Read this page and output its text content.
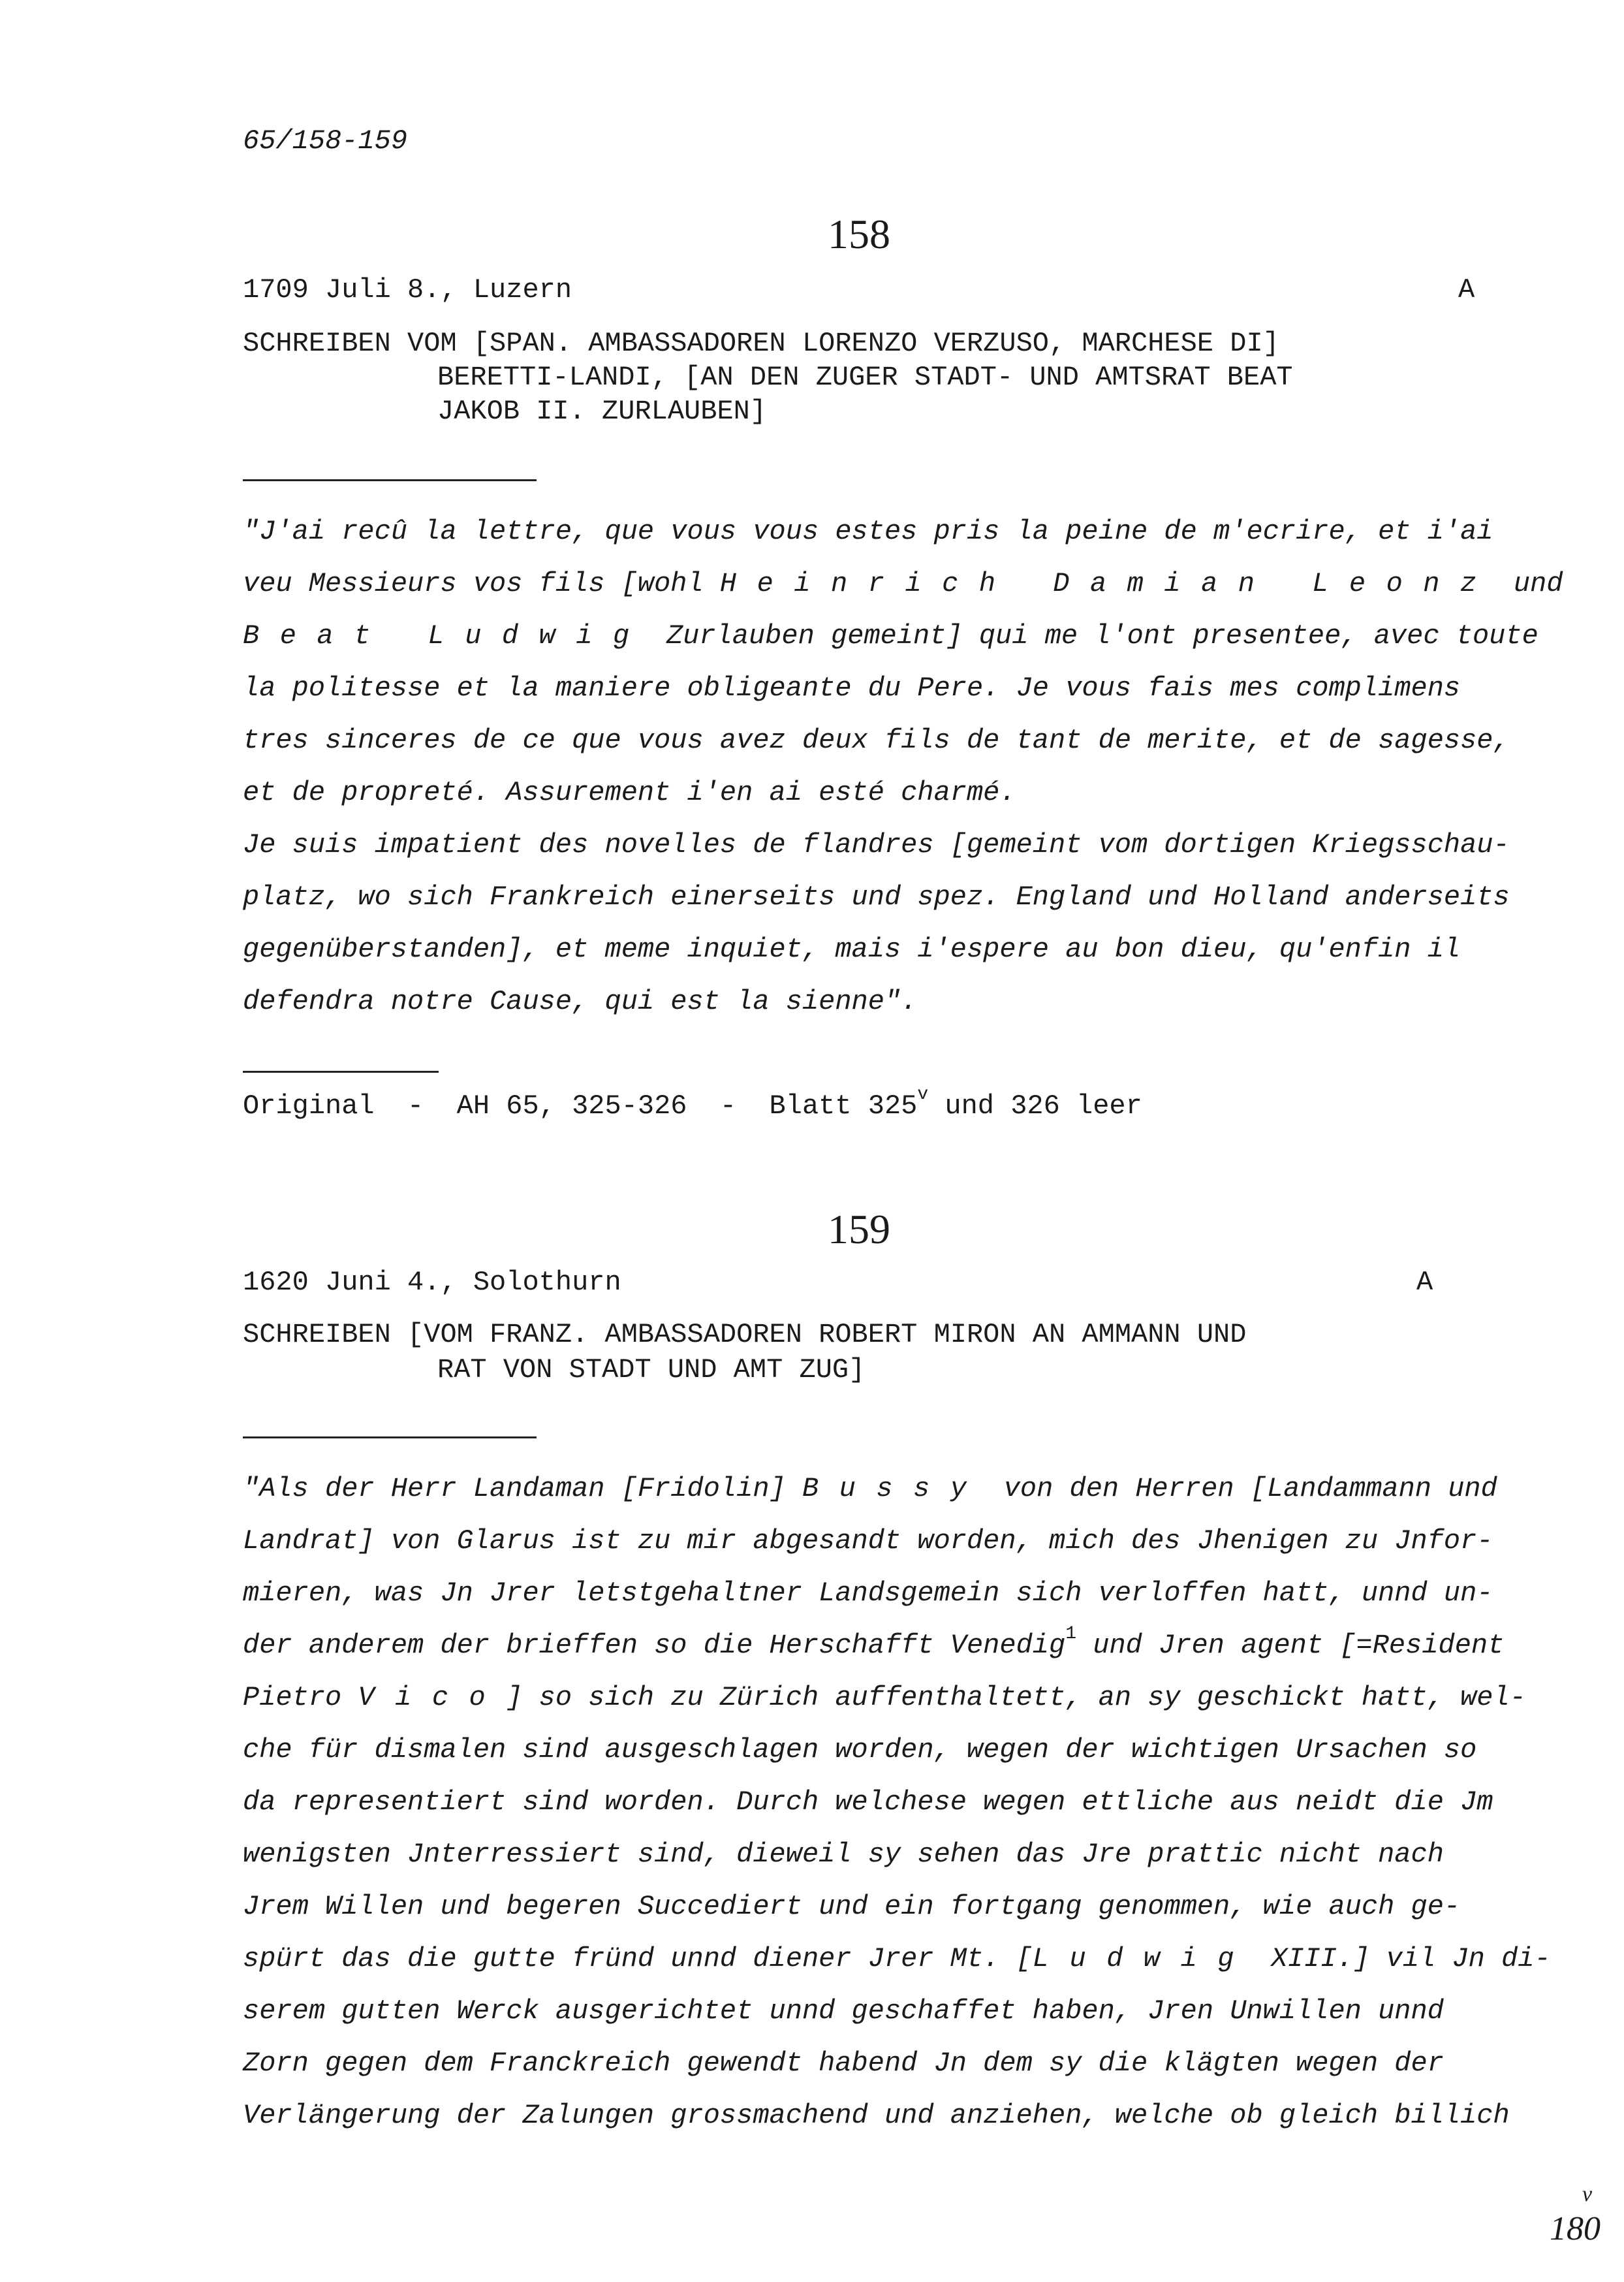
65/158-159
158
1709 Juli 8., Luzern	A
SCHREIBEN VOM [SPAN. AMBASSADOREN LORENZO VERZUSO, MARCHESE DI]
BERETTI-LANDI, [AN DEN ZUGER STADT- UND AMTSRAT BEAT
JAKOB II. ZURLAUBEN]
"J'ai recû la lettre, que vous vous estes pris la peine de m'ecrire, et i'ai
veu Messieurs vos fils [wohl Heinrich Damian Leonz und
Beat Ludwig Zurlauben gemeint] qui me l'ont presentee, avec toute
la politesse et la maniere obligeante du Pere. Je vous fais mes complimens
tres sinceres de ce que vous avez deux fils de tant de merite, et de sagesse,
et de propreté. Assurement i'en ai esté charmé.
Je suis impatient des novelles de flandres [gemeint vom dortigen Kriegsschau-
platz, wo sich Frankreich einerseits und spez. England und Holland anderseits
gegenüberstanden], et meme inquiet, mais i'espere au bon dieu, qu'enfin il
defendra notre Cause, qui est la sienne".
Original  -  AH 65, 325-326  -  Blatt 325$^v$ und 326 leer
159
1620 Juni 4., Solothurn	A
SCHREIBEN [VOM FRANZ. AMBASSADOREN ROBERT MIRON AN AMMANN UND
RAT VON STADT UND AMT ZUG]
"Als der Herr Landaman [Fridolin] Bussy von den Herren [Landammann und
Landrat] von Glarus ist zu mir abgesandt worden, mich des Jhenigen zu Jnfor-
mieren, was Jn Jrer letstgehaltner Landsgemein sich verloffen hatt, unnd un-
der anderem der brieffen so die Herschafft Venedig$^1$ und Jren agent [=Resident
Pietro Vico] so sich zu Zürich auffenthaltett, an sy geschickt hatt, wel-
che für dismalen sind ausgeschlagen worden, wegen der wichtigen Ursachen so
da representiert sind worden. Durch welchese wegen ettliche aus neidt die Jm
wenigsten Jnterressiert sind, dieweil sy sehen das Jre prattic nicht nach
Jrem Willen und begeren Succediert und ein fortgang genommen, wie auch ge-
spürt das die gutte fründ unnd diener Jrer Mt. [Ludwig XIII.] vil Jn di-
serem gutten Werck ausgerichtet unnd geschaffet haben, Jren Unwillen unnd
Zorn gegen dem Franckreich gewendt habend Jn dem sy die klägten wegen der
Verlängerung der Zalungen grossmachend und anziehen, welche ob gleich billich
v
180
